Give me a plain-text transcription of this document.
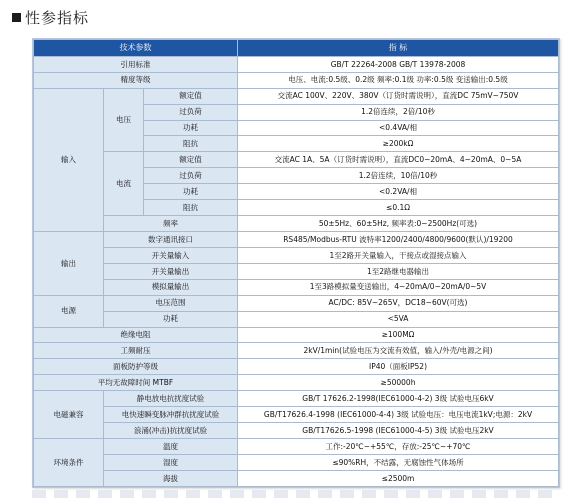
性参指标
技术参数			指 标
引用标准			GB/T 22264-2008 GB/T 13978-2008
精度等级			电压、电流:0.5级、0.2级 频率:0.1级 功率:0.5级 变送输出:0.5级
输入	电压	额定值	交流AC 100V、220V、380V（订货时需说明），直流DC 75mV~750V
		过负荷	1.2倍连续，2倍/10秒
		功耗	<0.4VA/相
		阻抗	≥200kΩ
	电流	额定值	交流AC 1A、5A（订货时需说明），直流DC0~20mA、4~20mA、0~5A
		过负荷	1.2倍连续，10倍/10秒
		功耗	<0.2VA/相
		阻抗	≤0.1Ω
	频率		50±5Hz、60±5Hz, 频率表:0~2500Hz(可选)
输出	数字通讯接口		RS485/Modbus-RTU 波特率1200/2400/4800/9600(默认)/19200
	开关量输入		1至2路开关量输入，干接点或湿接点输入
	开关量输出		1至2路继电器输出
	模拟量输出		1至3路模拟量变送输出，4~20mA/0~20mA/0~5V
电源	电压范围		AC/DC: 85V~265V，DC18~60V(可选)
	功耗		<5VA
绝缘电阻			≥100MΩ
工频耐压			2kV/1min(试验电压为交流有效值，输入/外壳/电源之间)
面板防护等级			IP40（面板IP52)
平均无故障时间 MTBF			≥50000h
电磁兼容	静电放电抗扰度试验		GB/T 17626.2-1998(IEC61000-4-2) 3级 试验电压6kV
	电快速瞬变脉冲群抗扰度试验		GB/T17626.4-1998 (IEC61000-4-4) 3级 试验电压：电压电流1kV;电源：2kV
	浪涌(冲击)抗扰度试验		GB/T17626.5-1998 (IEC61000-4-5) 3级 试验电压2kV
环境条件	温度		工作:-20℃~+55℃，存放:-25℃~+70℃
	湿度		≤90%RH，不结露，无腐蚀性气体场所
	海拔		≤2500m
